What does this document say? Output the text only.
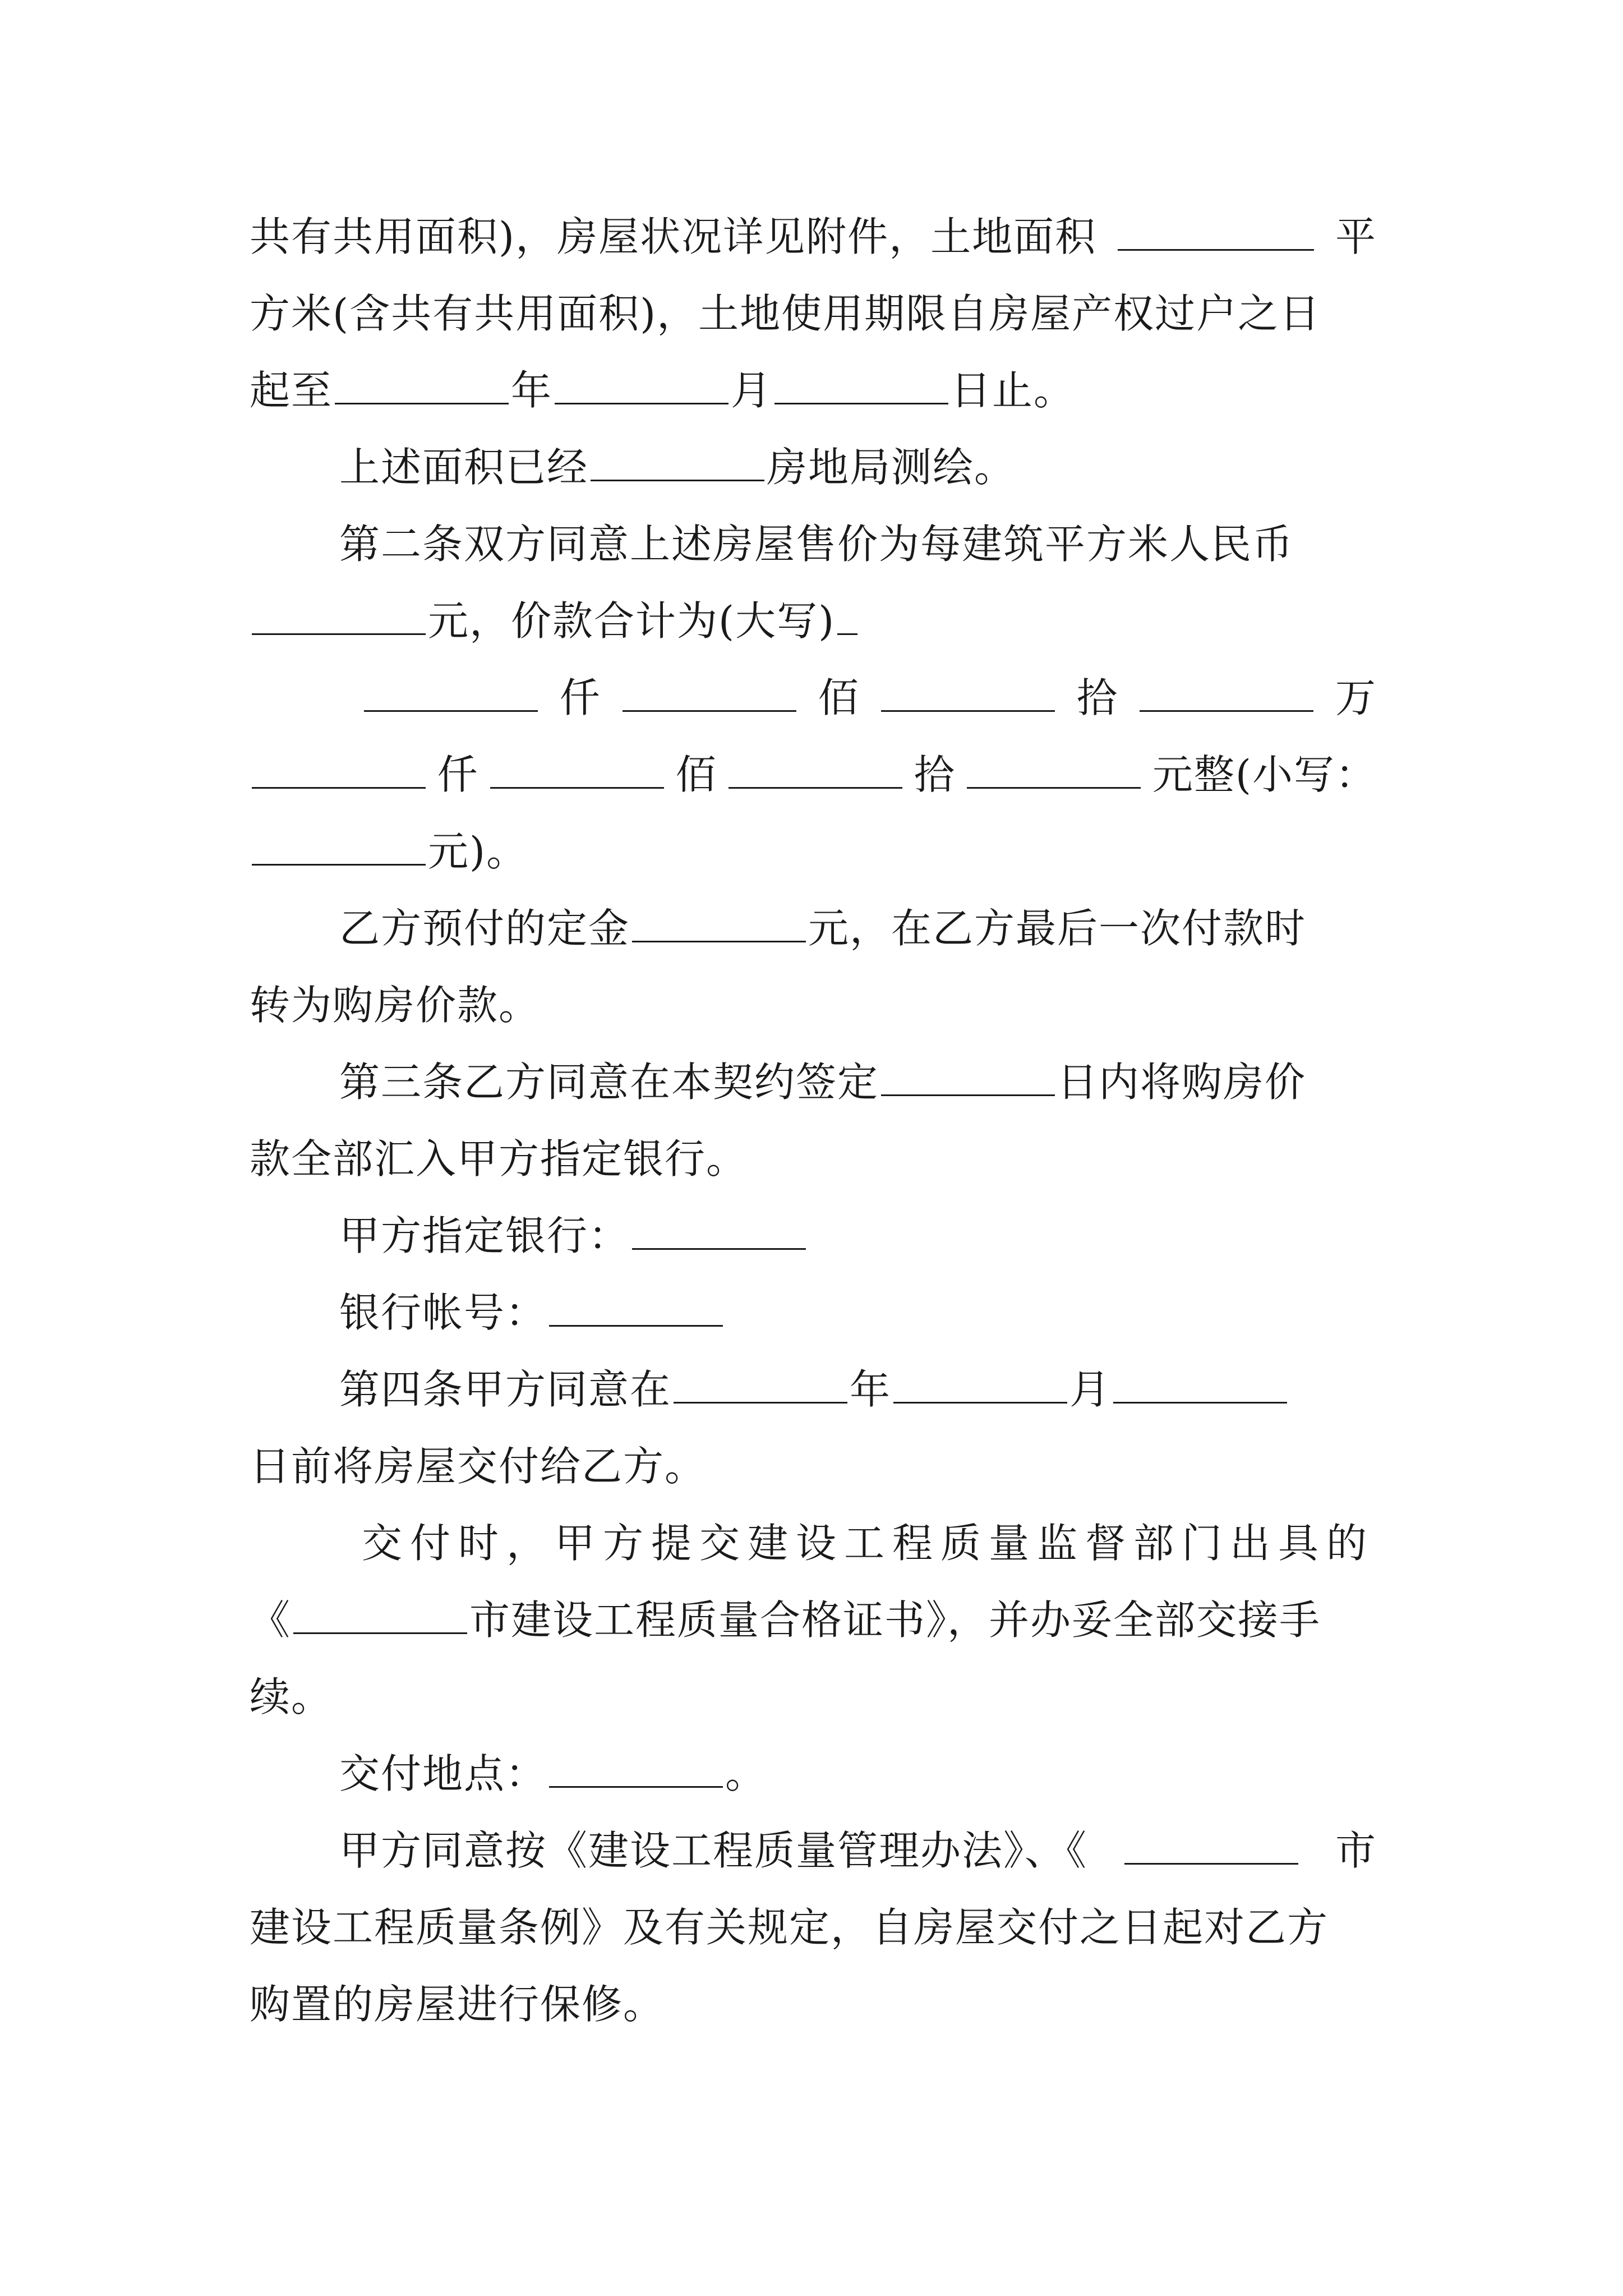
共有共用面积)，房屋状况详见附件，土地面积	平
方米(含共有共用面积)，土地使用期限自房屋产权过户之日
起至	年	月	日止。
上述面积已经	房地局测绘。
第二条双方同意上述房屋售价为每建筑平方米人民币
元，价款合计为(大写)
仟	佰	拾	万
仟	佰	拾	元整(小写：
元)。
乙方预付的定金	元，在乙方最后一次付款时
转为购房价款。
第三条乙方同意在本契约签定	日内将购房价
款全部汇入甲方指定银行。
甲方指定银行：
银行帐号：
第四条甲方同意在	年	月
日前将房屋交付给乙方。
交付时，甲方提交建设工程质量监督部门出具的
《	市建设工程质量合格证书》，并办妥全部交接手
续。
交付地点：	。
甲方同意按《建设工程质量管理办法》、《	市
建设工程质量条例》及有关规定，自房屋交付之日起对乙方
购置的房屋进行保修。
